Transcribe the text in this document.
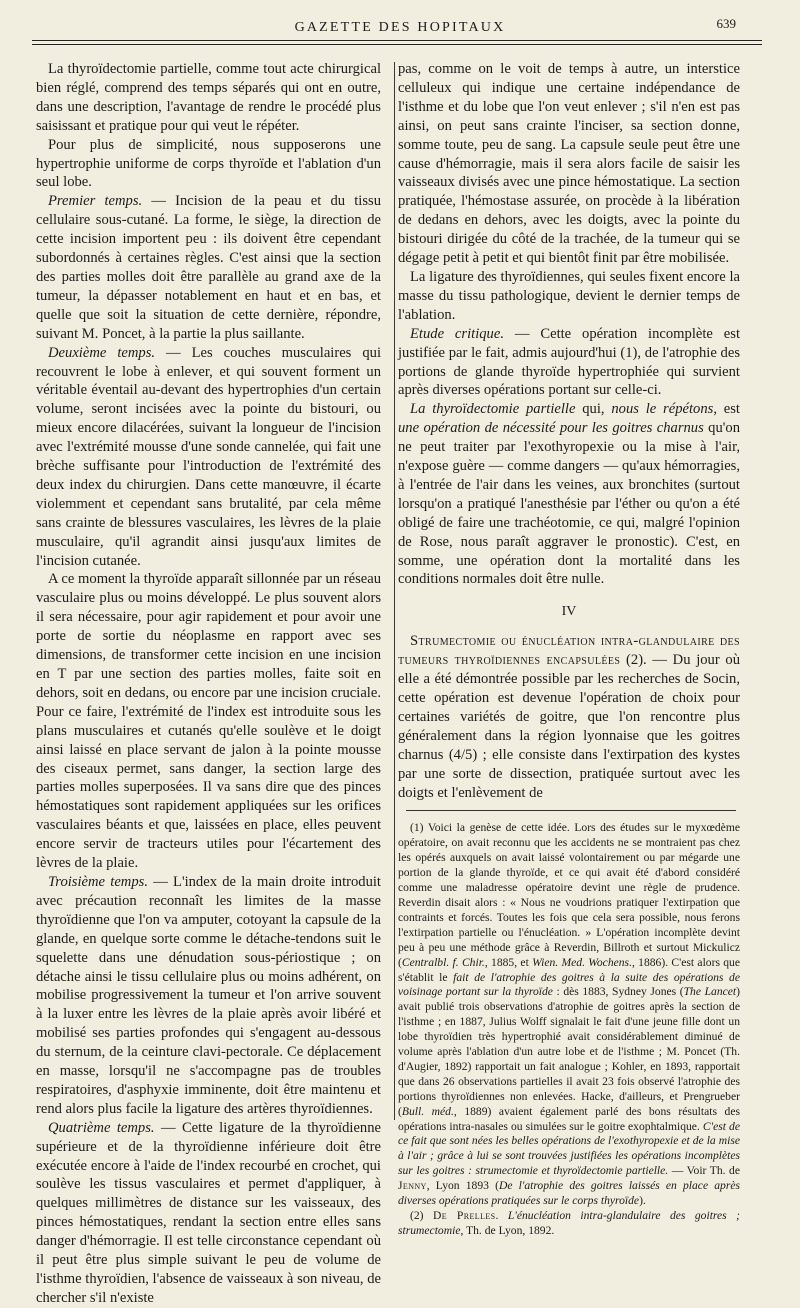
GAZETTE DES HOPITAUX	639

La thyroïdectomie partielle, comme tout acte chirurgical bien réglé, comprend des temps séparés qui ont en outre, dans une description, l'avantage de rendre le procédé plus saisissant et pratique pour qui veut le répéter.

Pour plus de simplicité, nous supposerons une hypertrophie uniforme de corps thyroïde et l'ablation d'un seul lobe.

Premier temps. — Incision de la peau et du tissu cellulaire sous-cutané. La forme, le siège, la direction de cette incision importent peu : ils doivent être cependant subordonnés à certaines règles. C'est ainsi que la section des parties molles doit être parallèle au grand axe de la tumeur, la dépasser notablement en haut et en bas, et quelle que soit la situation de cette dernière, répondre, suivant M. Poncet, à la partie la plus saillante.

Deuxième temps. — Les couches musculaires qui recouvrent le lobe à enlever, et qui souvent forment un véritable éventail au-devant des hypertrophies d'un certain volume, seront incisées avec la pointe du bistouri, ou mieux encore dilacérées, suivant la longueur de l'incision avec l'extrémité mousse d'une sonde cannelée, qui fait une brèche suffisante pour l'introduction de l'extrémité des deux index du chirurgien. Dans cette manœuvre, il écarte violemment et cependant sans brutalité, par cela même sans crainte de blessures vasculaires, les lèvres de la plaie musculaire, qu'il agrandit ainsi jusqu'aux limites de l'incision cutanée.

A ce moment la thyroïde apparaît sillonnée par un réseau vasculaire plus ou moins développé. Le plus souvent alors il sera nécessaire, pour agir rapidement et pour avoir une porte de sortie du néoplasme en rapport avec ses dimensions, de transformer cette incision en une incision en T par une section des parties molles, faite soit en dehors, soit en dedans, ou encore par une incision cruciale. Pour ce faire, l'extrémité de l'index est introduite sous les plans musculaires et cutanés qu'elle soulève et le doigt ainsi laissé en place servant de jalon à la pointe mousse des ciseaux permet, sans danger, la section large des parties molles superposées. Il va sans dire que des pinces hémostatiques sont rapidement appliquées sur les orifices vasculaires béants et que, laissées en place, elles peuvent encore servir de tracteurs utiles pour l'écartement des lèvres de la plaie.

Troisième temps. — L'index de la main droite introduit avec précaution reconnaît les limites de la masse thyroïdienne que l'on va amputer, cotoyant la capsule de la glande, en quelque sorte comme le détache-tendons suit le squelette dans une dénudation sous-périostique ; on détache ainsi le tissu cellulaire plus ou moins adhérent, on mobilise progressivement la tumeur et l'on arrive souvent à la luxer entre les lèvres de la plaie après avoir libéré et mobilisé ses parties profondes qui s'engagent au-dessous du sternum, de la ceinture clavi-pectorale. Ce déplacement en masse, lorsqu'il ne s'accompagne pas de troubles respiratoires, d'asphyxie imminente, doit être maintenu et rend alors plus facile la ligature des artères thyroïdiennes.

Quatrième temps. — Cette ligature de la thyroïdienne supérieure et de la thyroïdienne inférieure doit être exécutée encore à l'aide de l'index recourbé en crochet, qui soulève les tissus vasculaires et permet d'appliquer, à quelques millimètres de distance sur les vaisseaux, des pinces hémostatiques, rendant la section entre elles sans danger d'hémorragie. Il est telle circonstance cependant où il peut être plus simple suivant le peu de volume de l'isthme thyroïdien, l'absence de vaisseaux à son niveau, de chercher s'il n'existe

pas, comme on le voit de temps à autre, un interstice celluleux qui indique une certaine indépendance de l'isthme et du lobe que l'on veut enlever ; s'il n'en est pas ainsi, on peut sans crainte l'inciser, sa section donne, somme toute, peu de sang. La capsule seule peut être une cause d'hémorragie, mais il sera alors facile de saisir les vaisseaux divisés avec une pince hémostatique. La section pratiquée, l'hémostase assurée, on procède à la libération de dedans en dehors, avec les doigts, avec la pointe du bistouri dirigée du côté de la trachée, de la tumeur qui se dégage petit à petit et qui bientôt finit par être mobilisée.

La ligature des thyroïdiennes, qui seules fixent encore la masse du tissu pathologique, devient le dernier temps de l'ablation.

Etude critique. — Cette opération incomplète est justifiée par le fait, admis aujourd'hui (1), de l'atrophie des portions de glande thyroïde hypertrophiée qui survient après diverses opérations portant sur celle-ci.

La thyroïdectomie partielle qui, nous le répétons, est une opération de nécessité pour les goitres charnus qu'on ne peut traiter par l'exothyropexie ou la mise à l'air, n'expose guère — comme dangers — qu'aux hémorragies, à l'entrée de l'air dans les veines, aux bronchites (surtout lorsqu'on a pratiqué l'anesthésie par l'éther ou qu'on a été obligé de faire une trachéotomie, ce qui, malgré l'opinion de Rose, nous paraît aggraver le pronostic). C'est, en somme, une opération dont la mortalité dans les conditions normales doit être nulle.

IV

Strumectomie ou énucléation intra-glandulaire des tumeurs thyroïdiennes encapsulées (2). — Du jour où elle a été démontrée possible par les recherches de Socin, cette opération est devenue l'opération de choix pour certaines variétés de goitre, que l'on rencontre plus généralement dans la région lyonnaise que les goitres charnus (4/5) ; elle consiste dans l'extirpation des kystes par une sorte de dissection, pratiquée surtout avec les doigts et l'enlèvement de

(1) Voici la genèse de cette idée. Lors des études sur le myxœdème opératoire, on avait reconnu que les accidents ne se montraient pas chez les opérés auxquels on avait laissé volontairement ou par mégarde une portion de la glande thyroïde, et ce qui avait été d'abord considéré comme une maladresse opératoire devint une règle de prudence. Reverdin disait alors : « Nous ne voudrions pratiquer l'extirpation que contraints et forcés. Toutes les fois que cela sera possible, nous ferons l'extirpation partielle ou l'énucléation. » L'opération incomplète devint peu à peu une méthode grâce à Reverdin, Billroth et surtout Mickulicz (Centralbl. f. Chir., 1885, et Wien. Med. Wochens., 1886). C'est alors que s'établit le fait de l'atrophie des goitres à la suite des opérations de voisinage portant sur la thyroïde : dès 1883, Sydney Jones (The Lancet) avait publié trois observations d'atrophie de goitres après la section de l'isthme ; en 1887, Julius Wolff signalait le fait d'une jeune fille dont un lobe thyroïdien très hypertrophié avait considérablement diminué de volume après l'ablation d'un autre lobe et de l'isthme ; M. Poncet (Th. d'Augier, 1892) rapportait un fait analogue ; Kohler, en 1893, rapportait que dans 26 observations partielles il avait 23 fois observé l'atrophie des portions thyroïdiennes non enlevées. Hacke, d'ailleurs, et Prengrueber (Bull. méd., 1889) avaient également parlé des bons résultats des opérations intra-nasales ou simulées sur le goitre exophtalmique. C'est de ce fait que sont nées les belles opérations de l'exothyropexie et de la mise à l'air ; grâce à lui se sont trouvées justifiées les opérations incomplètes sur les goitres : strumectomie et thyroïdectomie partielle. — Voir Th. de Jenny, Lyon 1893 (De l'atrophie des goitres laissés en place après diverses opérations pratiquées sur le corps thyroïde).

(2) De Prelles. L'énucléation intra-glandulaire des goitres ; strumectomie, Th. de Lyon, 1892.
